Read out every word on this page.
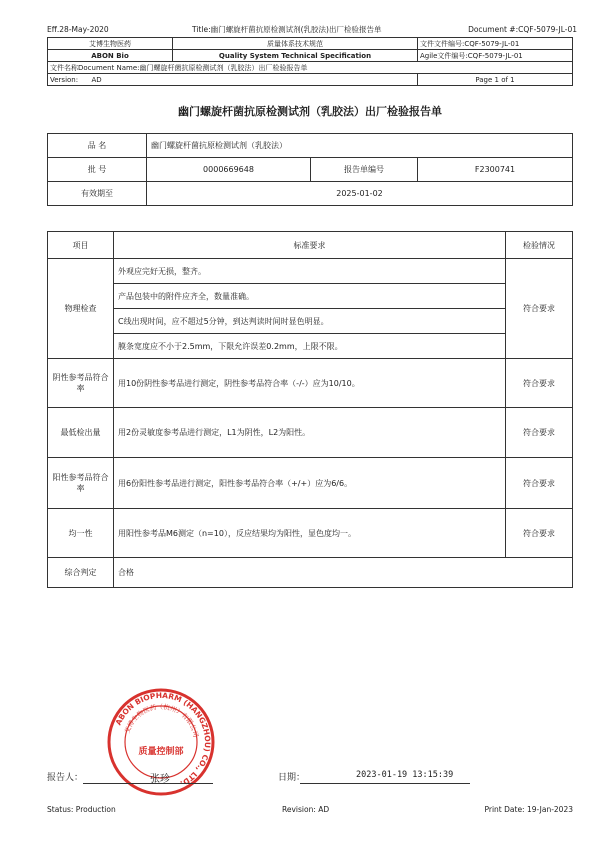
Eff.28-May-2020	Title:幽门螺旋杆菌抗原检测试剂(乳胶法)出厂检验报告单	Document #:CQF-5079-JL-01
艾博生物医药	质量体系技术规范	文件文件编号:CQF-5079-JL-01
ABON Bio	Quality System Technical Specification	Agile文件编号:CQF-5079-JL-01
文件名称Document Name:幽门螺旋杆菌抗原检测试剂（乳胶法）出厂检验报告单		
Version: AD		Page 1 of 1
幽门螺旋杆菌抗原检测试剂（乳胶法）出厂检验报告单
品 名	幽门螺旋杆菌抗原检测试剂（乳胶法）		
批 号	0000669648	报告单编号	F2300741
有效期至	2025-01-02		
项目	标准要求	检验情况
物理检查	外观应完好无损，整齐。	符合要求
	产品包装中的附件应齐全，数量准确。	
	C线出现时间，应不超过5分钟，到达判读时间时显色明显。	
	膜条宽度应不小于2.5mm，下限允许误差0.2mm，上限不限。	
阴性参考品符合率	用10份阴性参考品进行测定，阴性参考品符合率（-/-）应为10/10。	符合要求
最低检出量	用2份灵敏度参考品进行测定，L1为阴性，L2为阳性。	符合要求
阳性参考品符合率	用6份阳性参考品进行测定，阳性参考品符合率（+/+）应为6/6。	符合要求
均一性	用阳性参考品M6测定（n=10），反应结果均为阳性，显色度均一。	符合要求
综合判定	合格	
ABON BIOPHARM (HANGZHOU) CO., LTD.
艾博生物医药（杭州）有限公司
质量控制部
报告人：	张珍	日期：	2023-01-19 13:15:39
Status: Production	Revision: AD	Print Date: 19-Jan-2023
